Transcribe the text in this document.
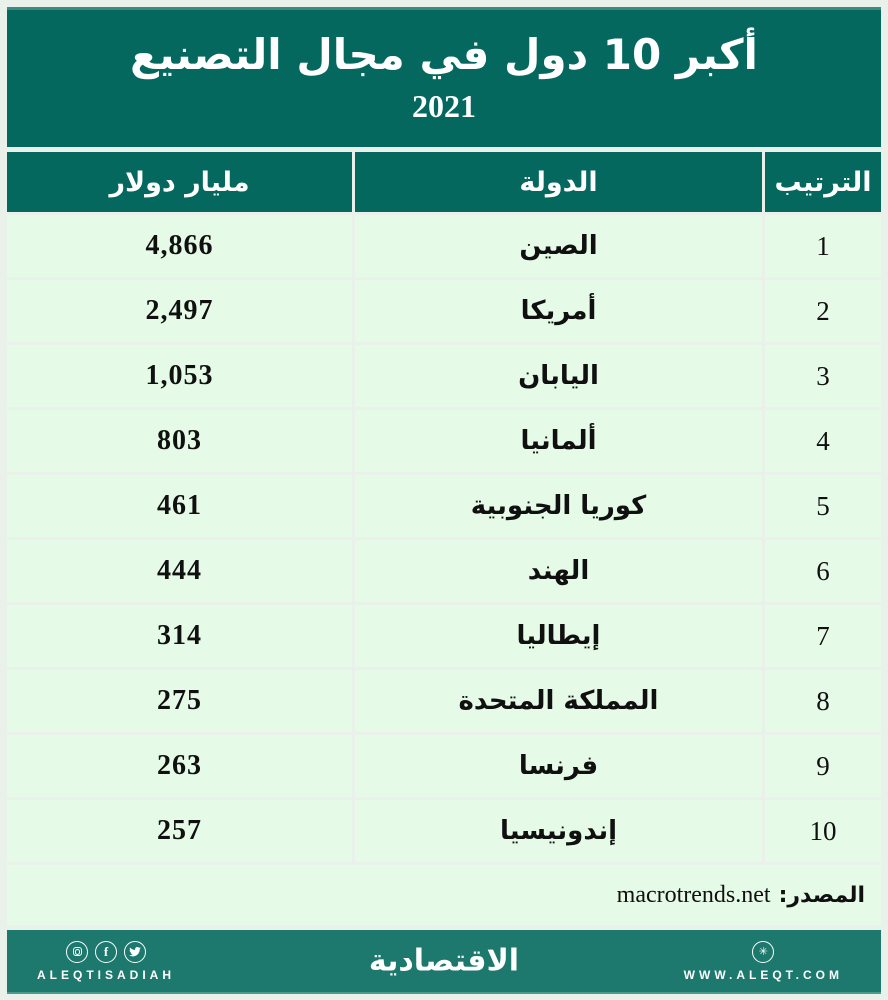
أكبر 10 دول في مجال التصنيع
2021
مليار دولار	الدولة	الترتيب
4,866	الصين	1
2,497	أمريكا	2
1,053	اليابان	3
803	ألمانيا	4
461	كوريا الجنوبية	5
444	الهند	6
314	إيطاليا	7
275	المملكة المتحدة	8
263	فرنسا	9
257	إندونيسيا	10
المصدر:
macrotrends.net
f
ALEQTISADIAH	الاقتصادية	✳
WWW.ALEQT.COM
